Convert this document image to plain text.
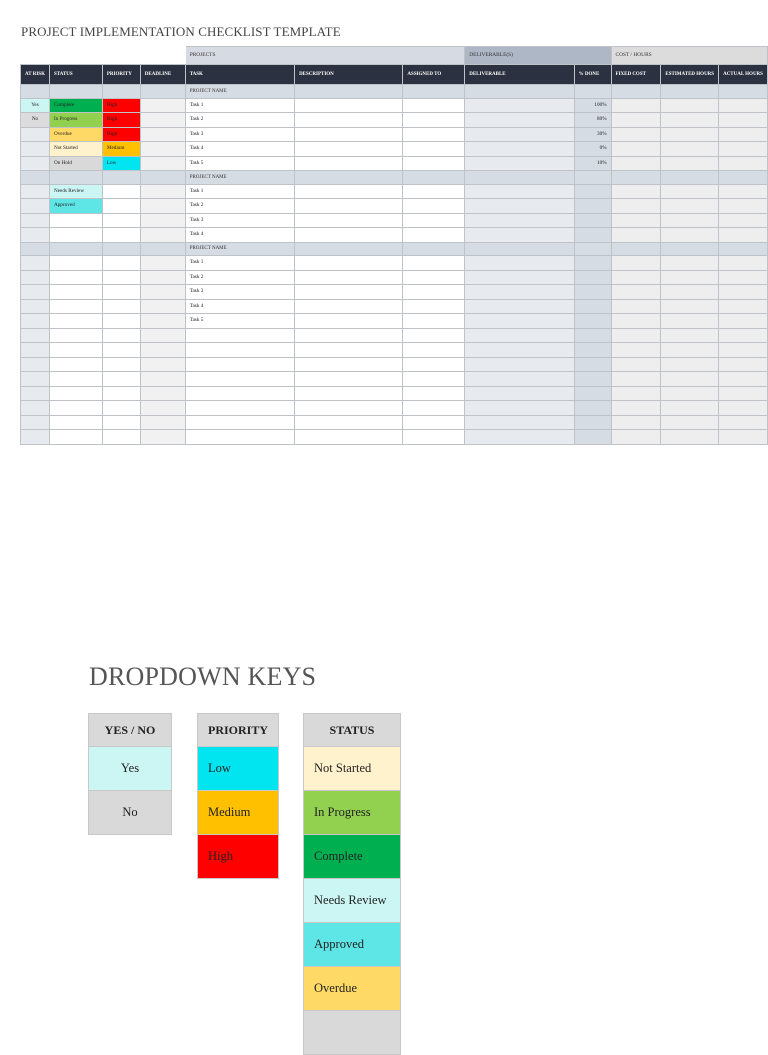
PROJECT IMPLEMENTATION CHECKLIST TEMPLATE
				PROJECTS			DELIVERABLE(S)		COST / HOURS		
AT RISK	STATUS	PRIORITY	DEADLINE	TASK	DESCRIPTION	ASSIGNED TO	DELIVERABLE	% DONE	FIXED COST	ESTIMATED HOURS	ACTUAL HOURS
				PROJECT NAME							
Yes	Complete	High		Task 1				100%			
No	In Progress	High		Task 2				80%			
	Overdue	High		Task 3				30%			
	Not Started	Medium		Task 4				0%			
	On Hold	Low		Task 5				10%			
				PROJECT NAME							
	Needs Review			Task 1							
	Approved			Task 2							
				Task 3							
				Task 4							
				PROJECT NAME							
				Task 1							
				Task 2							
				Task 3							
				Task 4							
				Task 5							

DROPDOWN KEYS
YES / NO
Yes
No
PRIORITY
Low
Medium
High
STATUS
Not Started
In Progress
Complete
Needs Review
Approved
Overdue
